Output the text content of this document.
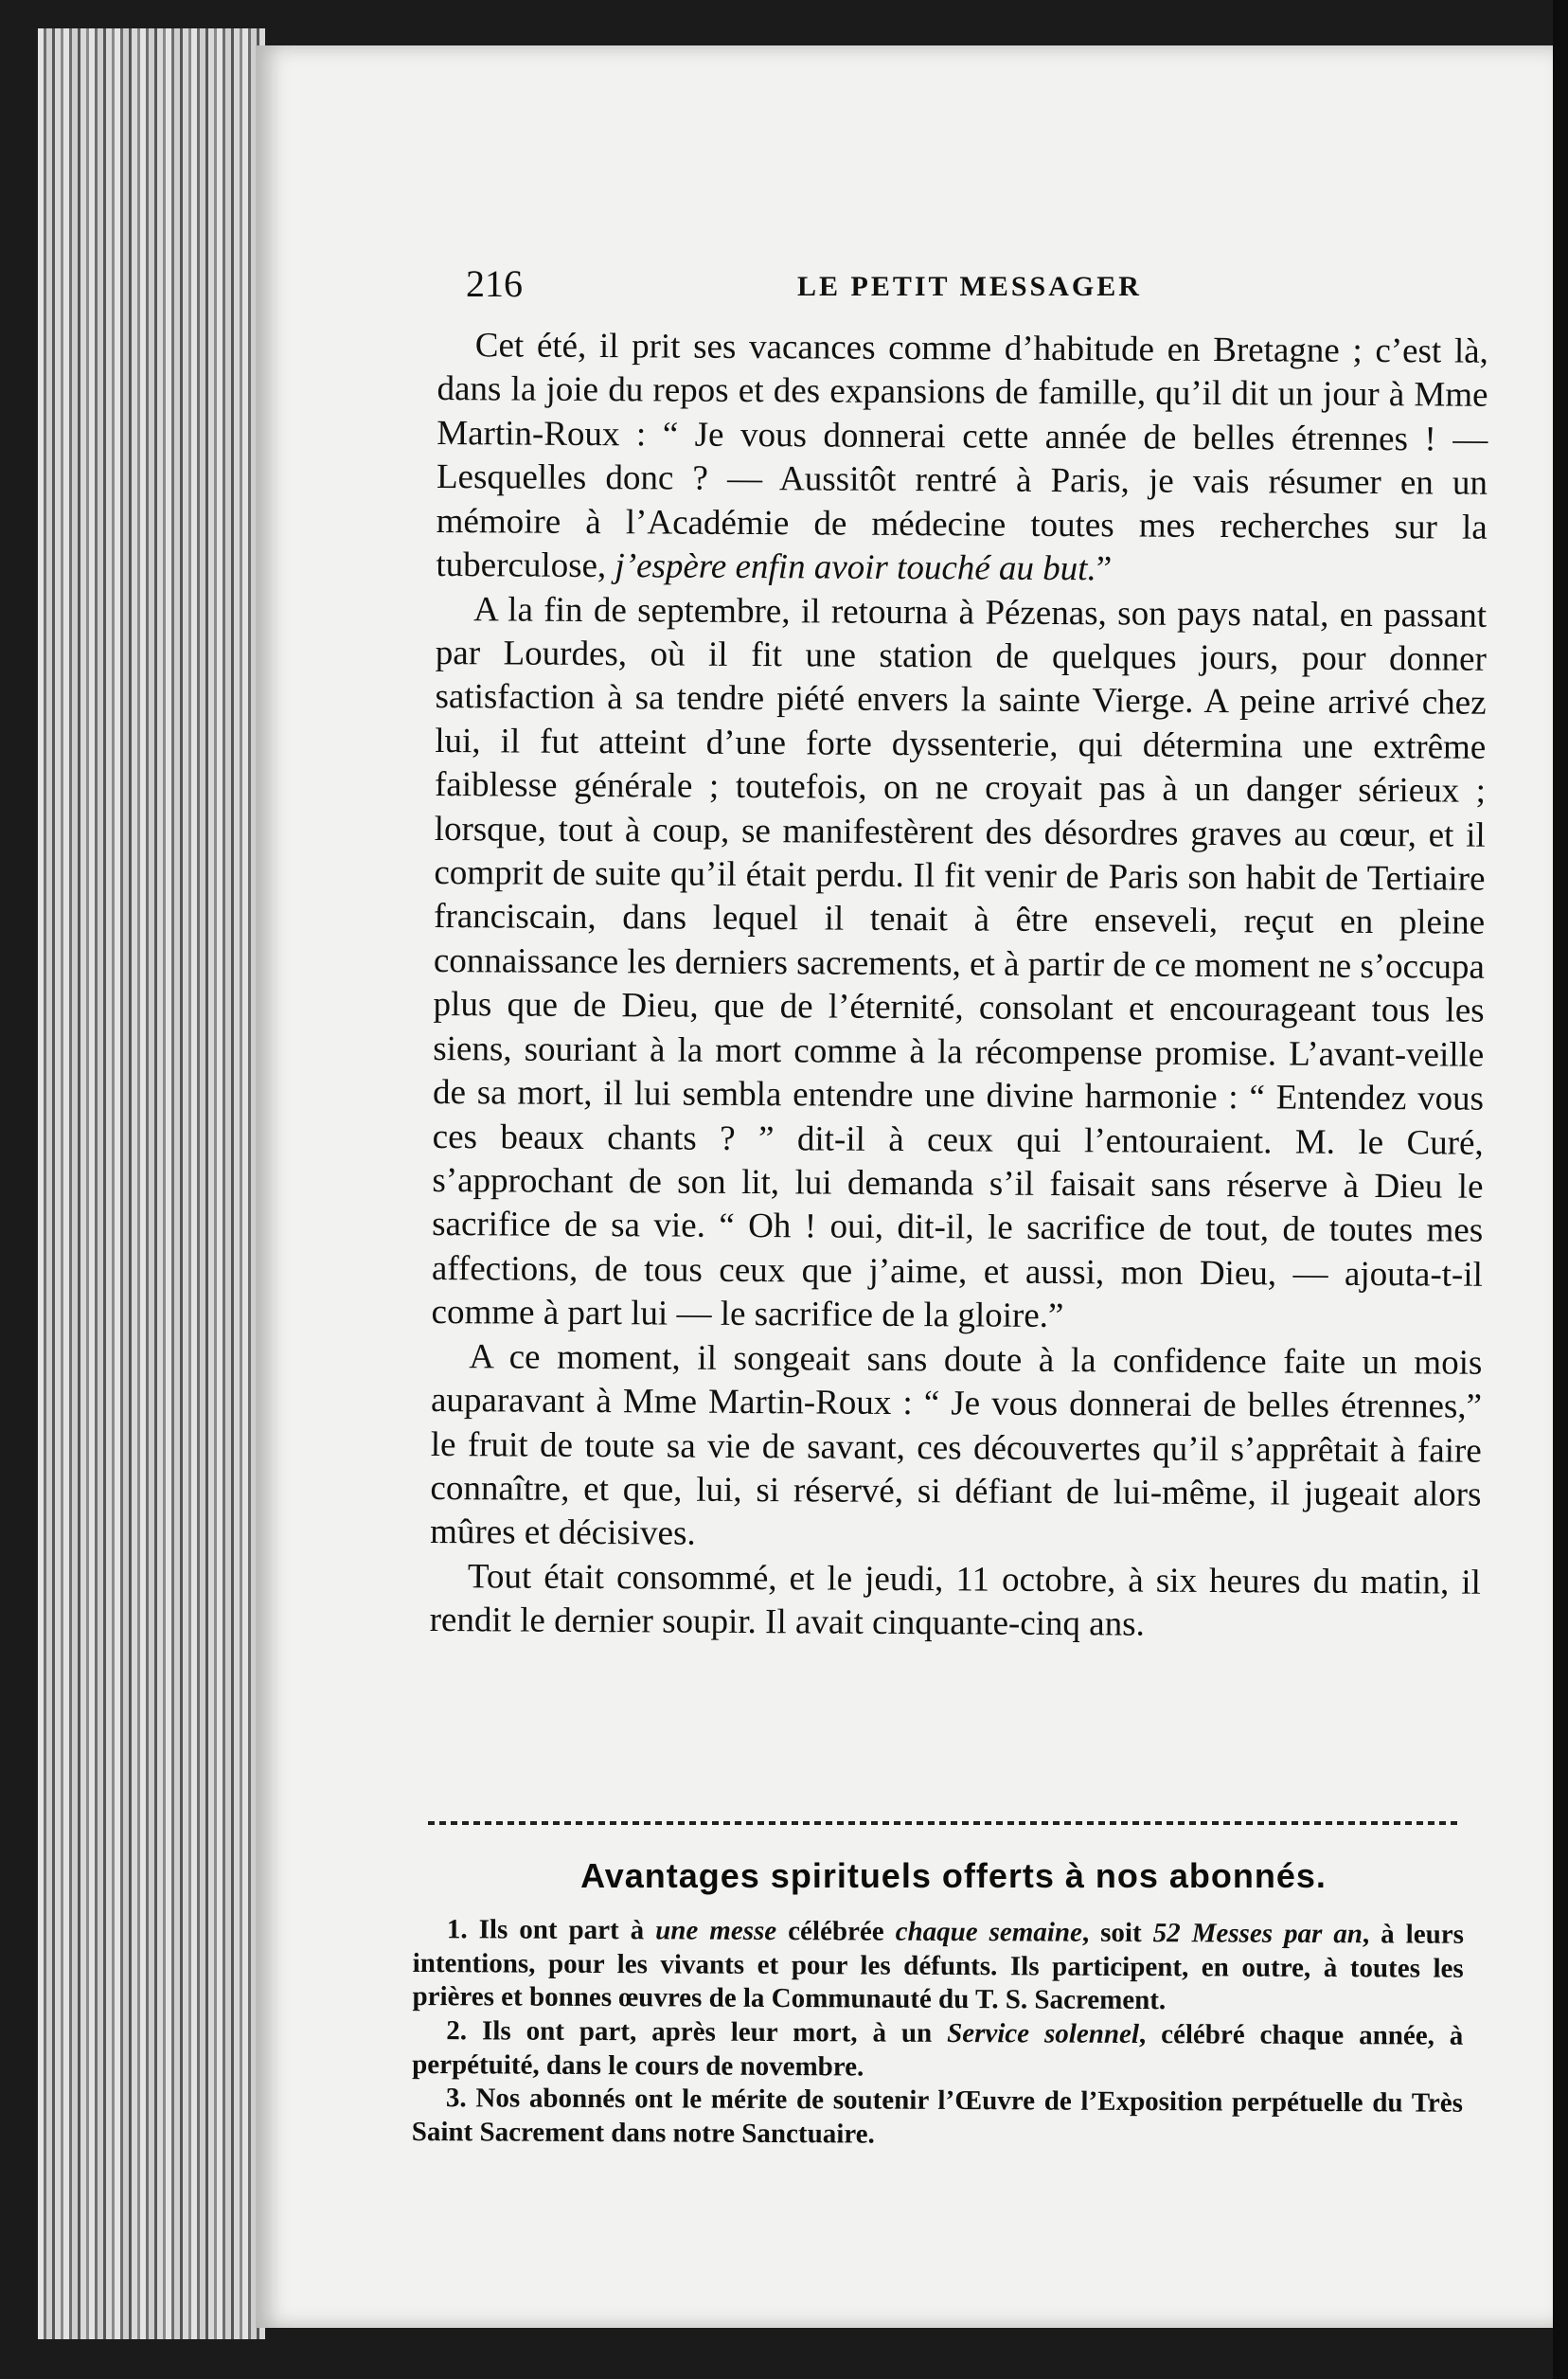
216	LE PETIT MESSAGER

Cet été, il prit ses vacances comme d’habitude en Bretagne ; c’est là, dans la joie du repos et des expansions de famille, qu’il dit un jour à Mme Martin-Roux : “ Je vous donnerai cette année de belles étrennes ! — Lesquelles donc ? — Aussitôt rentré à Paris, je vais résumer en un mémoire à l’Académie de médecine toutes mes recherches sur la tuberculose, j’espère enfin avoir touché au but.”

A la fin de septembre, il retourna à Pézenas, son pays natal, en passant par Lourdes, où il fit une station de quelques jours, pour donner satisfaction à sa tendre piété envers la sainte Vierge. A peine arrivé chez lui, il fut atteint d’une forte dyssenterie, qui détermina une extrême faiblesse générale ; toutefois, on ne croyait pas à un danger sérieux ; lorsque, tout à coup, se manifestèrent des désordres graves au cœur, et il comprit de suite qu’il était perdu. Il fit venir de Paris son habit de Tertiaire franciscain, dans lequel il tenait à être enseveli, reçut en pleine connaissance les derniers sacrements, et à partir de ce moment ne s’occupa plus que de Dieu, que de l’éternité, consolant et encourageant tous les siens, souriant à la mort comme à la récompense promise. L’avant-veille de sa mort, il lui sembla entendre une divine harmonie : “ Entendez vous ces beaux chants ? ” dit-il à ceux qui l’entouraient. M. le Curé, s’approchant de son lit, lui demanda s’il faisait sans réserve à Dieu le sacrifice de sa vie. “ Oh ! oui, dit-il, le sacrifice de tout, de toutes mes affections, de tous ceux que j’aime, et aussi, mon Dieu, — ajouta-t-il comme à part lui — le sacrifice de la gloire.”

A ce moment, il songeait sans doute à la confidence faite un mois auparavant à Mme Martin-Roux : “ Je vous donnerai de belles étrennes,” le fruit de toute sa vie de savant, ces découvertes qu’il s’apprêtait à faire connaître, et que, lui, si réservé, si défiant de lui-même, il jugeait alors mûres et décisives.

Tout était consommé, et le jeudi, 11 octobre, à six heures du matin, il rendit le dernier soupir. Il avait cinquante-cinq ans.

Avantages spirituels offerts à nos abonnés.

1. Ils ont part à une messe célébrée chaque semaine, soit 52 Messes par an, à leurs intentions, pour les vivants et pour les défunts. Ils participent, en outre, à toutes les prières et bonnes œuvres de la Communauté du T. S. Sacrement.

2. Ils ont part, après leur mort, à un Service solennel, célébré chaque année, à perpétuité, dans le cours de novembre.

3. Nos abonnés ont le mérite de soutenir l’Œuvre de l’Exposition perpétuelle du Très Saint Sacrement dans notre Sanctuaire.
